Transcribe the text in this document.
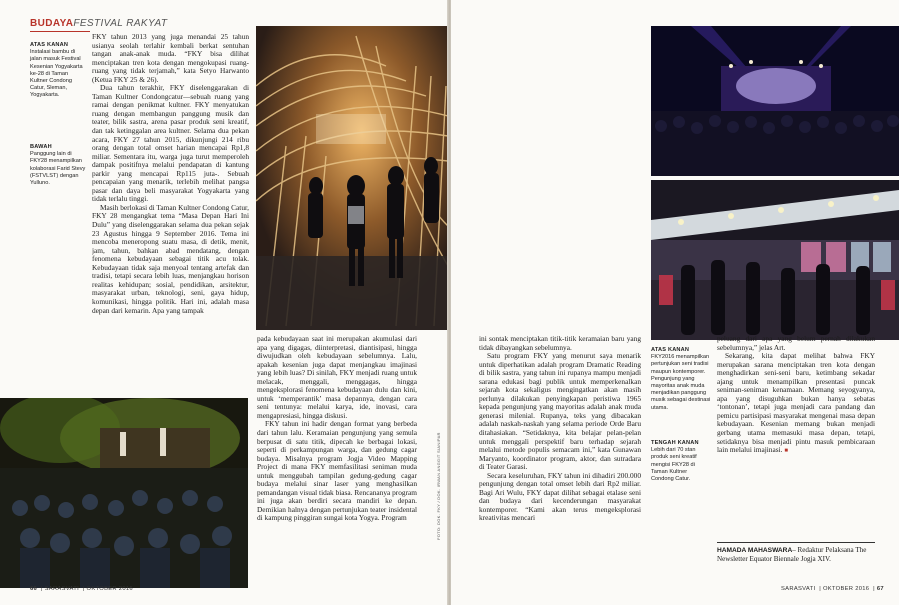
BUDAYAFESTIVAL RAKYAT
ATAS KANAN
Instalasi bambu di jalan masuk Festival Kesenian Yogyakarta ke-28 di Taman Kultner Condong Catur, Sleman, Yogyakarta.
BAWAH
Panggung lain di FKY28 menampilkan kolaborasi Farid Stevy (FSTVLST) dengan Yulluno.

FKY tahun 2013 yang juga menandai 25 tahun usianya seolah terlahir kembali berkat sentuhan tangan anak-anak muda. “FKY bisa dilihat menciptakan tren kota dengan mengokupasi ruang-ruang yang tidak terjamah,” kata Setyo Harwanto (Ketua FKY 25 & 26).

Dua tahun terakhir, FKY diselenggarakan di Taman Kultner Condongcatur—sebuah ruang yang ramai dengan penikmat kultner. FKY menyatukan ruang dengan membangun panggung musik dan teater, bilik sastra, arena pasar produk seni kreatif, dan tak ketinggalan area kultner. Selama dua pekan acara, FKY 27 tahun 2015, dikunjungi 214 ribu orang dengan total omset harian mencapai Rp1,8 miliar. Sementara itu, warga juga turut memperoleh dampak positifnya melalui pendapatan di kantung parkir yang mencapai Rp115 juta-. Sebuah pencapaian yang menarik, terlebih melihat pangsa pasar dan daya beli masyarakat Yogyakarta yang tidak terlalu tinggi.

Masih berlokasi di Taman Kultner Condong Catur, FKY 28 mengangkat tema “Masa Depan Hari Ini Dulu” yang diselenggarakan selama dua pekan sejak 23 Agustus hingga 9 September 2016. Tema ini mencoba meneropong suatu masa, di detik, menit, jam, tahun, bahkan abad mendatang, dengan fenomena kebudayaan sebagai titik acu tolak. Kebudayaan tidak saja menyoal tentang artefak dan tradisi, tetapi secara lebih luas, menjangkau horison realitas kehidupan; sosial, pendidikan, arsitektur, masyarakat urban, teknologi, seni, gaya hidup, komunikasi, hingga politik. Hari ini, adalah masa depan dari kemarin. Apa yang tampak

pada kebudayaan saat ini merupakan akumulasi dari apa yang digagas, diinterpretasi, diantisipasi, hingga diwujudkan oleh kebudayaan sebelumnya. Lalu, apakah kesenian juga dapat menjangkau imajinasi yang lebih luas? Di sinilah, FKY menjadi ruang untuk melacak, menggali, menggagas, hingga mengeksplorasi fenomena kebudayaan dulu dan kini, untuk ‘memperantik’ masa depannya, dengan cara seni tentunya: melalui karya, ide, inovasi, cara mengapresiasi, hingga diskusi.

FKY tahun ini hadir dengan format yang berbeda dari tahun lalu. Keramaian pengunjung yang semula berpusat di satu titik, dipecah ke berbagai lokasi, seperti di perkampungan warga, dan gedung cagar budaya. Misalnya program Jogja Video Mapping Project di mana FKY memfasilitasi seniman muda untuk menggubah tampilan gedung-gedung cagar budaya melalui sinar laser yang menghasilkan pemandangan visual tidak biasa. Rencananya program ini juga akan berdiri secara mandiri ke depan. Demikian halnya dengan pertunjukan teater insidental di kampung pinggiran sungai kota Yogya. Program	FOTO: DOK. FKY / DOK. IRWAN ANGGIT SIANIPAR
66  | SARASVATI  | OKTOBER 2016
ATAS KANAN
FKY2016 menampilkan pertunjukan seni tradisi maupun kontemporer. Pengunjung yang mayoritas anak muda menjadikan panggung musik sebagai destinasi utama.
TENGAH KANAN
Lebih dari 70 stan produk seni kreatif mengisi FKY28 di Taman Kultner Condong Catur.

ini sontak menciptakan titik-titik keramaian baru yang tidak dibayangkan sebelumnya.

Satu program FKY yang menurut saya menarik untuk diperhatikan adalah program Dramatic Reading di bilik sastra, yang tahun ini rupanya mampu menjadi sarana edukasi bagi publik untuk memperkenalkan sejarah kota sekaligus mengingatkan akan masih perlunya dilakukan penyingkapan peristiwa 1965 kepada pengunjung yang mayoritas adalah anak muda generasi milenial. Rupanya, teks yang dibacakan adalah naskah-naskah yang selama periode Orde Baru ditahasiakan. “Setidaknya, kita belajar pelan-pelan untuk menggali perspektif baru terhadap sejarah melalui metode populis semacam ini,” kata Gunawan Maryanto, koordinator program, aktor, dan sutradara di Teater Garasi.

Secara keseluruhan, FKY tahun ini dihadiri 200.000 pengunjung dengan total omset lebih dari Rp2 miliar. Bagi Ari Wulu, FKY dapat dilihat sebagai etalase seni dan budaya dari kecenderungan masyarakat kontemporer. “Kami akan terus mengeksplorasi kreativitas mencari

peluang dari apa yang belum pernah dilakukan sebelumnya,” jelas Art.

Sekarang, kita dapat melihat bahwa FKY merupakan sarana menciptakan tren kota dengan menghadirkan seni-seni baru, ketimbang sekadar ajang untuk menampilkan presentasi puncak seniman-seniman kenamaan. Memang seyogyanya, apa yang disuguhkan bukan hanya sebatas ‘tontonan’, tetapi juga menjadi cara pandang dan pemicu partisipasi masyarakat mengenai masa depan kebudayaan. Kesenian memang bukan menjadi gerbang utama memasuki masa depan, tetapi, setidaknya bisa menjadi pintu masuk pembicaraan lain melalui imajinasi. ■

HAMADA MAHASWARA– Redaktur Pelaksana The Newsletter Equator Biennale Jogja XIV.
SARASVATI  | OKTOBER 2016  | 67
